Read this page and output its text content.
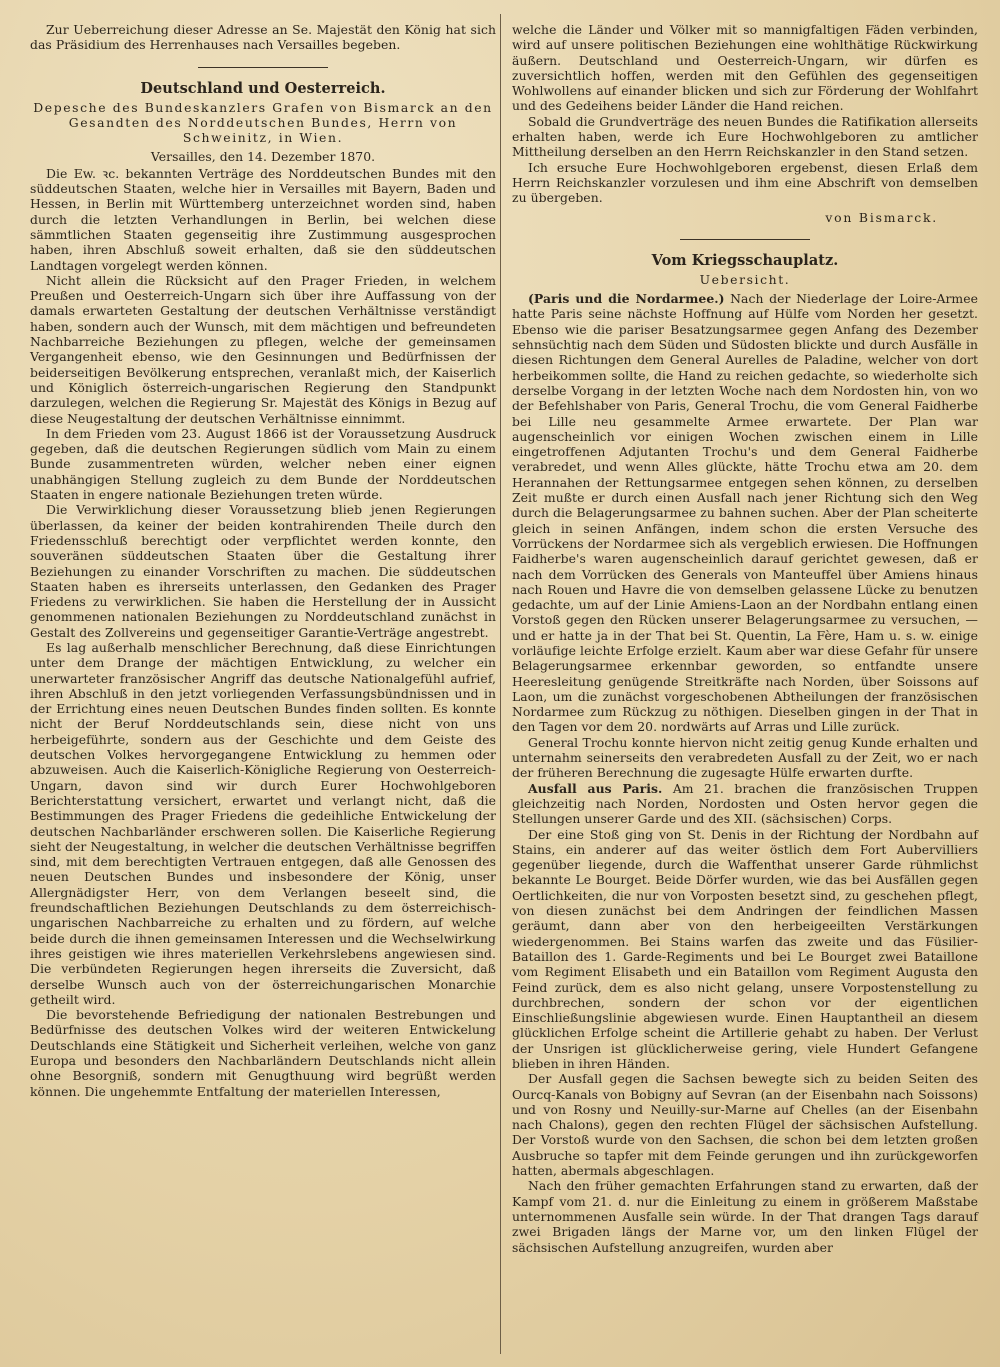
Zur Ueberreichung dieser Adresse an Se. Majestät den König hat sich das Präsidium des Herrenhauses nach Versailles begeben.

Deutschland und Oesterreich.
Depesche des Bundeskanzlers Grafen von Bismarck an den Gesandten des Norddeutschen Bundes, Herrn von Schweinitz, in Wien.

Versailles, den 14. Dezember 1870.

Die Ew. ꝛc. bekannten Verträge des Norddeutschen Bundes mit den süddeutschen Staaten, welche hier in Versailles mit Bayern, Baden und Hessen, in Berlin mit Württemberg unterzeichnet worden sind, haben durch die letzten Verhandlungen in Berlin, bei welchen diese sämmtlichen Staaten gegenseitig ihre Zustimmung ausgesprochen haben, ihren Abschluß soweit erhalten, daß sie den süddeutschen Landtagen vorgelegt werden können.

Nicht allein die Rücksicht auf den Prager Frieden, in welchem Preußen und Oesterreich-Ungarn sich über ihre Auffassung von der damals erwarteten Gestaltung der deutschen Verhältnisse verständigt haben, sondern auch der Wunsch, mit dem mächtigen und befreundeten Nachbarreiche Beziehungen zu pflegen, welche der gemeinsamen Vergangenheit ebenso, wie den Gesinnungen und Bedürfnissen der beiderseitigen Bevölkerung entsprechen, veranlaßt mich, der Kaiserlich und Königlich österreich-ungarischen Regierung den Standpunkt darzulegen, welchen die Regierung Sr. Majestät des Königs in Bezug auf diese Neugestaltung der deutschen Verhältnisse einnimmt.

In dem Frieden vom 23. August 1866 ist der Voraussetzung Ausdruck gegeben, daß die deutschen Regierungen südlich vom Main zu einem Bunde zusammentreten würden, welcher neben einer eignen unabhängigen Stellung zugleich zu dem Bunde der Norddeutschen Staaten in engere nationale Beziehungen treten würde.

Die Verwirklichung dieser Voraussetzung blieb jenen Regierungen überlassen, da keiner der beiden kontrahirenden Theile durch den Friedensschluß berechtigt oder verpflichtet werden konnte, den souveränen süddeutschen Staaten über die Gestaltung ihrer Beziehungen zu einander Vorschriften zu machen. Die süddeutschen Staaten haben es ihrerseits unterlassen, den Gedanken des Prager Friedens zu verwirklichen. Sie haben die Herstellung der in Aussicht genommenen nationalen Beziehungen zu Norddeutschland zunächst in Gestalt des Zollvereins und gegenseitiger Garantie-Verträge angestrebt.

Es lag außerhalb menschlicher Berechnung, daß diese Einrichtungen unter dem Drange der mächtigen Entwicklung, zu welcher ein unerwarteter französischer Angriff das deutsche Nationalgefühl aufrief, ihren Abschluß in den jetzt vorliegenden Verfassungsbündnissen und in der Errichtung eines neuen Deutschen Bundes finden sollten. Es konnte nicht der Beruf Norddeutschlands sein, diese nicht von uns herbeigeführte, sondern aus der Geschichte und dem Geiste des deutschen Volkes hervorgegangene Entwicklung zu hemmen oder abzuweisen. Auch die Kaiserlich-Königliche Regierung von Oesterreich-Ungarn, davon sind wir durch Eurer Hochwohlgeboren Berichterstattung versichert, erwartet und verlangt nicht, daß die Bestimmungen des Prager Friedens die gedeihliche Entwickelung der deutschen Nachbarländer erschweren sollen. Die Kaiserliche Regierung sieht der Neugestaltung, in welcher die deutschen Verhältnisse begriffen sind, mit dem berechtigten Vertrauen entgegen, daß alle Genossen des neuen Deutschen Bundes und insbesondere der König, unser Allergnädigster Herr, von dem Verlangen beseelt sind, die freundschaftlichen Beziehungen Deutschlands zu dem österreichisch-ungarischen Nachbarreiche zu erhalten und zu fördern, auf welche beide durch die ihnen gemeinsamen Interessen und die Wechselwirkung ihres geistigen wie ihres materiellen Verkehrslebens angewiesen sind. Die verbündeten Regierungen hegen ihrerseits die Zuversicht, daß derselbe Wunsch auch von der österreichungarischen Monarchie getheilt wird.

Die bevorstehende Befriedigung der nationalen Bestrebungen und Bedürfnisse des deutschen Volkes wird der weiteren Entwickelung Deutschlands eine Stätigkeit und Sicherheit verleihen, welche von ganz Europa und besonders den Nachbarländern Deutschlands nicht allein ohne Besorgniß, sondern mit Genugthuung wird begrüßt werden können. Die ungehemmte Entfaltung der materiellen Interessen,

welche die Länder und Völker mit so mannigfaltigen Fäden verbinden, wird auf unsere politischen Beziehungen eine wohlthätige Rückwirkung äußern. Deutschland und Oesterreich-Ungarn, wir dürfen es zuversichtlich hoffen, werden mit den Gefühlen des gegenseitigen Wohlwollens auf einander blicken und sich zur Förderung der Wohlfahrt und des Gedeihens beider Länder die Hand reichen.

Sobald die Grundverträge des neuen Bundes die Ratifikation allerseits erhalten haben, werde ich Eure Hochwohlgeboren zu amtlicher Mittheilung derselben an den Herrn Reichskanzler in den Stand setzen.

Ich ersuche Eure Hochwohlgeboren ergebenst, diesen Erlaß dem Herrn Reichskanzler vorzulesen und ihm eine Abschrift von demselben zu übergeben.

von Bismarck.

Vom Kriegsschauplatz.
Uebersicht.

(Paris und die Nordarmee.) Nach der Niederlage der Loire-Armee hatte Paris seine nächste Hoffnung auf Hülfe vom Norden her gesetzt. Ebenso wie die pariser Besatzungsarmee gegen Anfang des Dezember sehnsüchtig nach dem Süden und Südosten blickte und durch Ausfälle in diesen Richtungen dem General Aurelles de Paladine, welcher von dort herbeikommen sollte, die Hand zu reichen gedachte, so wiederholte sich derselbe Vorgang in der letzten Woche nach dem Nordosten hin, von wo der Befehlshaber von Paris, General Trochu, die vom General Faidherbe bei Lille neu gesammelte Armee erwartete. Der Plan war augenscheinlich vor einigen Wochen zwischen einem in Lille eingetroffenen Adjutanten Trochu's und dem General Faidherbe verabredet, und wenn Alles glückte, hätte Trochu etwa am 20. dem Herannahen der Rettungsarmee entgegen sehen können, zu derselben Zeit mußte er durch einen Ausfall nach jener Richtung sich den Weg durch die Belagerungsarmee zu bahnen suchen. Aber der Plan scheiterte gleich in seinen Anfängen, indem schon die ersten Versuche des Vorrückens der Nordarmee sich als vergeblich erwiesen. Die Hoffnungen Faidherbe's waren augenscheinlich darauf gerichtet gewesen, daß er nach dem Vorrücken des Generals von Manteuffel über Amiens hinaus nach Rouen und Havre die von demselben gelassene Lücke zu benutzen gedachte, um auf der Linie Amiens-Laon an der Nordbahn entlang einen Vorstoß gegen den Rücken unserer Belagerungsarmee zu versuchen, — und er hatte ja in der That bei St. Quentin, La Fère, Ham u. s. w. einige vorläufige leichte Erfolge erzielt. Kaum aber war diese Gefahr für unsere Belagerungsarmee erkennbar geworden, so entfandte unsere Heeresleitung genügende Streitkräfte nach Norden, über Soissons auf Laon, um die zunächst vorgeschobenen Abtheilungen der französischen Nordarmee zum Rückzug zu nöthigen. Dieselben gingen in der That in den Tagen vor dem 20. nordwärts auf Arras und Lille zurück.

General Trochu konnte hiervon nicht zeitig genug Kunde erhalten und unternahm seinerseits den verabredeten Ausfall zu der Zeit, wo er nach der früheren Berechnung die zugesagte Hülfe erwarten durfte.

Ausfall aus Paris. Am 21. brachen die französischen Truppen gleichzeitig nach Norden, Nordosten und Osten hervor gegen die Stellungen unserer Garde und des XII. (sächsischen) Corps.

Der eine Stoß ging von St. Denis in der Richtung der Nordbahn auf Stains, ein anderer auf das weiter östlich dem Fort Aubervilliers gegenüber liegende, durch die Waffenthat unserer Garde rühmlichst bekannte Le Bourget. Beide Dörfer wurden, wie das bei Ausfällen gegen Oertlichkeiten, die nur von Vorposten besetzt sind, zu geschehen pflegt, von diesen zunächst bei dem Andringen der feindlichen Massen geräumt, dann aber von den herbeigeeilten Verstärkungen wiedergenommen. Bei Stains warfen das zweite und das Füsilier-Bataillon des 1. Garde-Regiments und bei Le Bourget zwei Bataillone vom Regiment Elisabeth und ein Bataillon vom Regiment Augusta den Feind zurück, dem es also nicht gelang, unsere Vorpostenstellung zu durchbrechen, sondern der schon vor der eigentlichen Einschließungslinie abgewiesen wurde. Einen Hauptantheil an diesem glücklichen Erfolge scheint die Artillerie gehabt zu haben. Der Verlust der Unsrigen ist glücklicherweise gering, viele Hundert Gefangene blieben in ihren Händen.

Der Ausfall gegen die Sachsen bewegte sich zu beiden Seiten des Ourcq-Kanals von Bobigny auf Sevran (an der Eisenbahn nach Soissons) und von Rosny und Neuilly-sur-Marne auf Chelles (an der Eisenbahn nach Chalons), gegen den rechten Flügel der sächsischen Aufstellung. Der Vorstoß wurde von den Sachsen, die schon bei dem letzten großen Ausbruche so tapfer mit dem Feinde gerungen und ihn zurückgeworfen hatten, abermals abgeschlagen.

Nach den früher gemachten Erfahrungen stand zu erwarten, daß der Kampf vom 21. d. nur die Einleitung zu einem in größerem Maßstabe unternommenen Ausfalle sein würde. In der That drangen Tags darauf zwei Brigaden längs der Marne vor, um den linken Flügel der sächsischen Aufstellung anzugreifen, wurden aber
